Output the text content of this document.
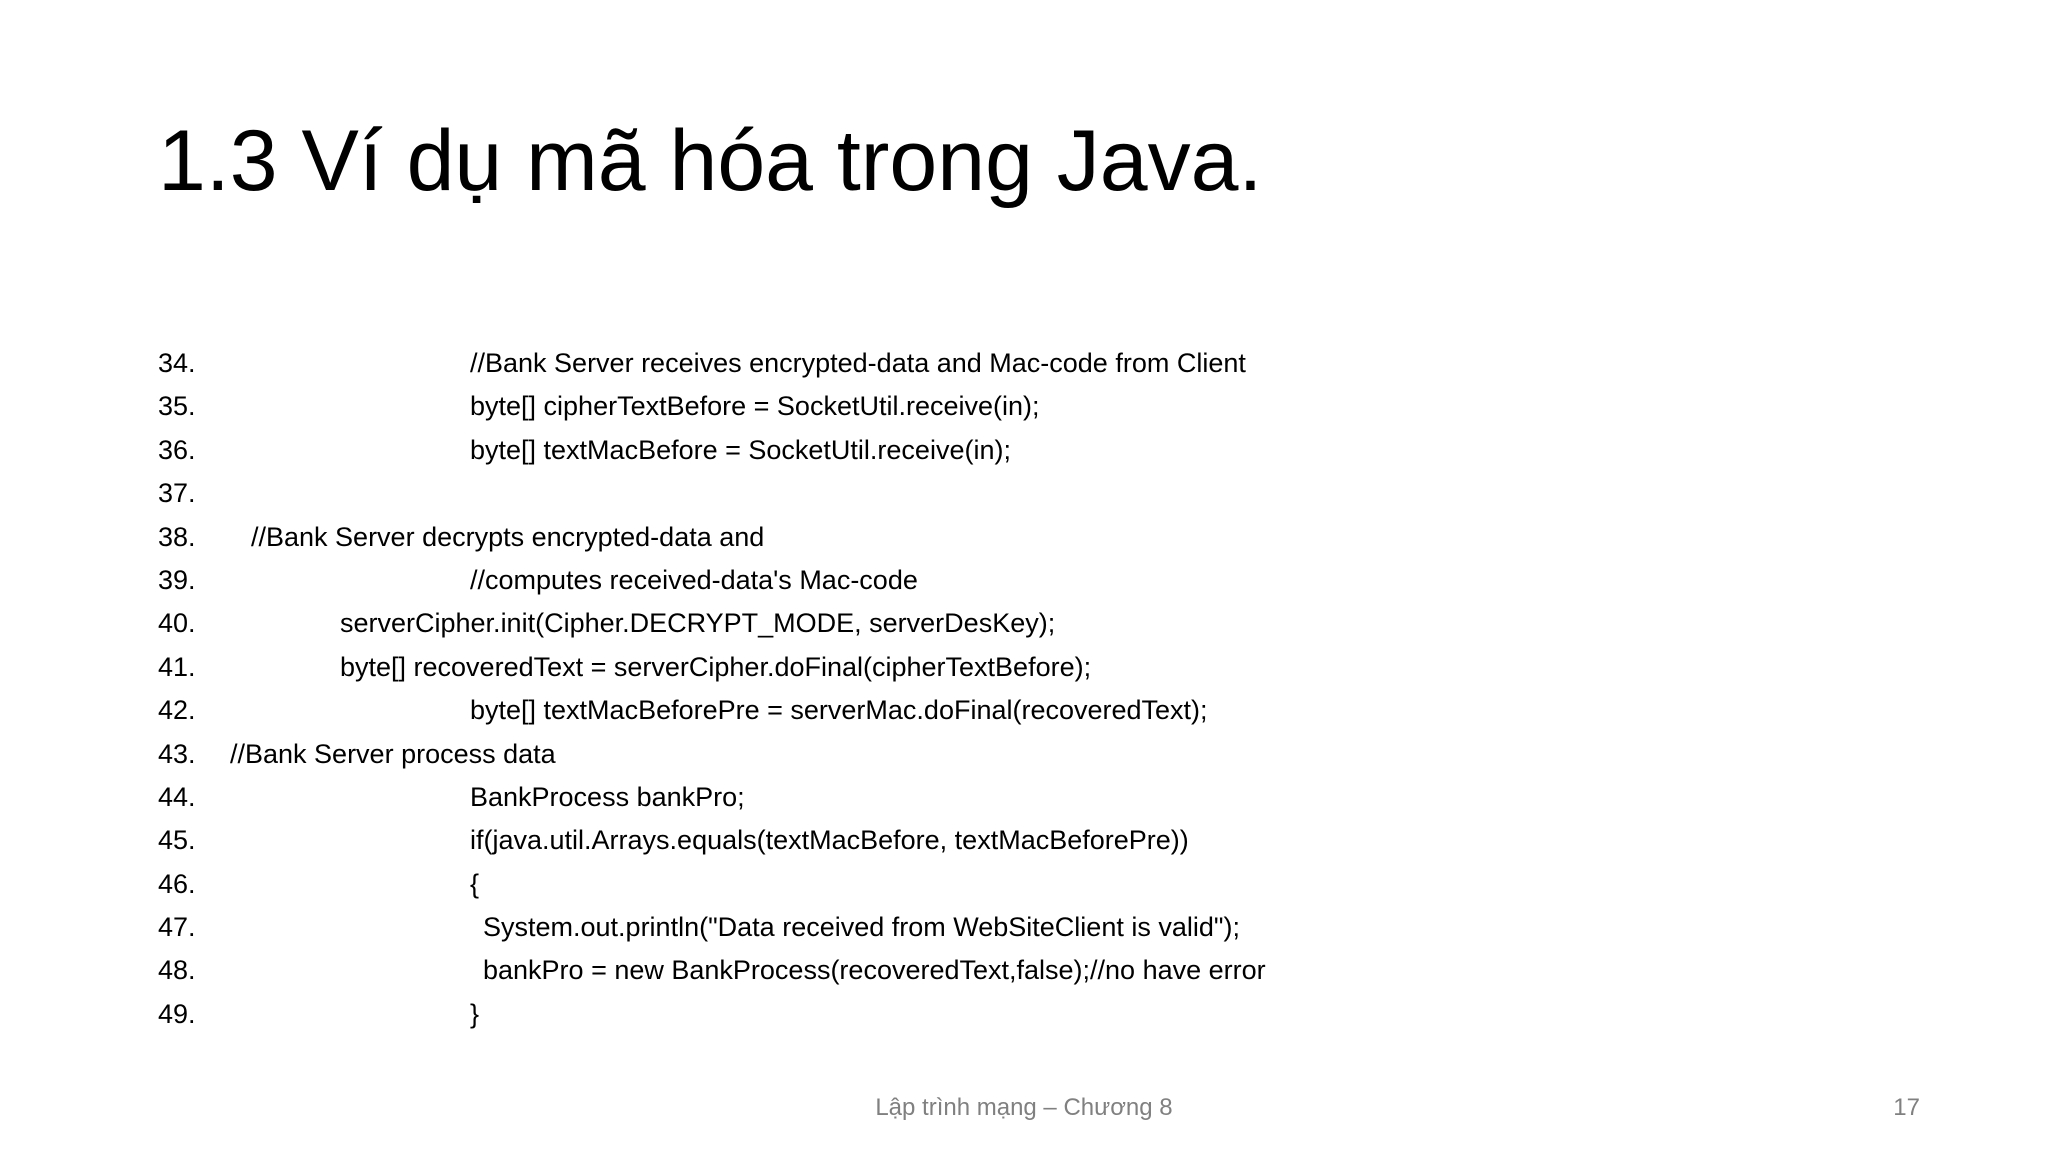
1.3 Ví dụ mã hóa trong Java.
34.	//Bank Server receives encrypted-data and Mac-code from Client
35.	byte[] cipherTextBefore = SocketUtil.receive(in);
36.	byte[] textMacBefore = SocketUtil.receive(in);
37.
38. //Bank Server decrypts encrypted-data and
39.	//computes received-data's Mac-code
40.	serverCipher.init(Cipher.DECRYPT_MODE, serverDesKey);
41.	byte[] recoveredText = serverCipher.doFinal(cipherTextBefore);
42.	byte[] textMacBeforePre = serverMac.doFinal(recoveredText);
43. //Bank Server process data
44.	BankProcess bankPro;
45.	if(java.util.Arrays.equals(textMacBefore, textMacBeforePre))
46.	{
47.	System.out.println("Data received from WebSiteClient is valid");
48.	bankPro = new BankProcess(recoveredText,false);//no have error
49.	}
Lập trình mạng – Chương 8	17
